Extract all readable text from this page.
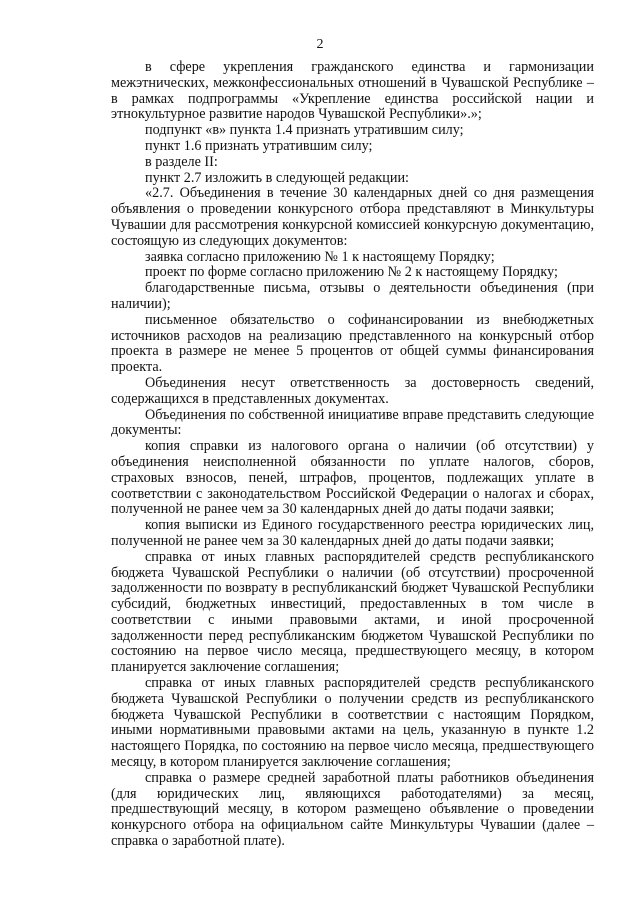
2

в сфере укрепления гражданского единства и гармонизации межэтнических, межконфессиональных отношений в Чувашской Республике – в рамках подпрограммы «Укрепление единства российской нации и этнокультурное развитие народов Чувашской Республики».»;

подпункт «в» пункта 1.4 признать утратившим силу;

пункт 1.6 признать утратившим силу;

в разделе II:

пункт 2.7 изложить в следующей редакции:

«2.7. Объединения в течение 30 календарных дней со дня размещения объявления о проведении конкурсного отбора представляют в Минкультуры Чувашии для рассмотрения конкурсной комиссией конкурсную документацию, состоящую из следующих документов:

заявка согласно приложению № 1 к настоящему Порядку;

проект по форме согласно приложению № 2 к настоящему Порядку;

благодарственные письма, отзывы о деятельности объединения (при наличии);

письменное обязательство о софинансировании из внебюджетных источников расходов на реализацию представленного на конкурсный отбор проекта в размере не менее 5 процентов от общей суммы финансирования проекта.

Объединения несут ответственность за достоверность сведений, содержащихся в представленных документах.

Объединения по собственной инициативе вправе представить следующие документы:

копия справки из налогового органа о наличии (об отсутствии) у объединения неисполненной обязанности по уплате налогов, сборов, страховых взносов, пеней, штрафов, процентов, подлежащих уплате в соответствии с законодательством Российской Федерации о налогах и сборах, полученной не ранее чем за 30 календарных дней до даты подачи заявки;

копия выписки из Единого государственного реестра юридических лиц, полученной не ранее чем за 30 календарных дней до даты подачи заявки;

справка от иных главных распорядителей средств республиканского бюджета Чувашской Республики о наличии (об отсутствии) просроченной задолженности по возврату в республиканский бюджет Чувашской Республики субсидий, бюджетных инвестиций, предоставленных в том числе в соответствии с иными правовыми актами, и иной просроченной задолженности перед республиканским бюджетом Чувашской Республики по состоянию на первое число месяца, предшествующего месяцу, в котором планируется заключение соглашения;

справка от иных главных распорядителей средств республиканского бюджета Чувашской Республики о получении средств из республиканского бюджета Чувашской Республики в соответствии с настоящим Порядком, иными нормативными правовыми актами на цель, указанную в пункте 1.2 настоящего Порядка, по состоянию на первое число месяца, предшествующего месяцу, в котором планируется заключение соглашения;

справка о размере средней заработной платы работников объединения (для юридических лиц, являющихся работодателями) за месяц, предшествующий месяцу, в котором размещено объявление о проведении конкурсного отбора на официальном сайте Минкультуры Чувашии (далее – справка о заработной плате).
